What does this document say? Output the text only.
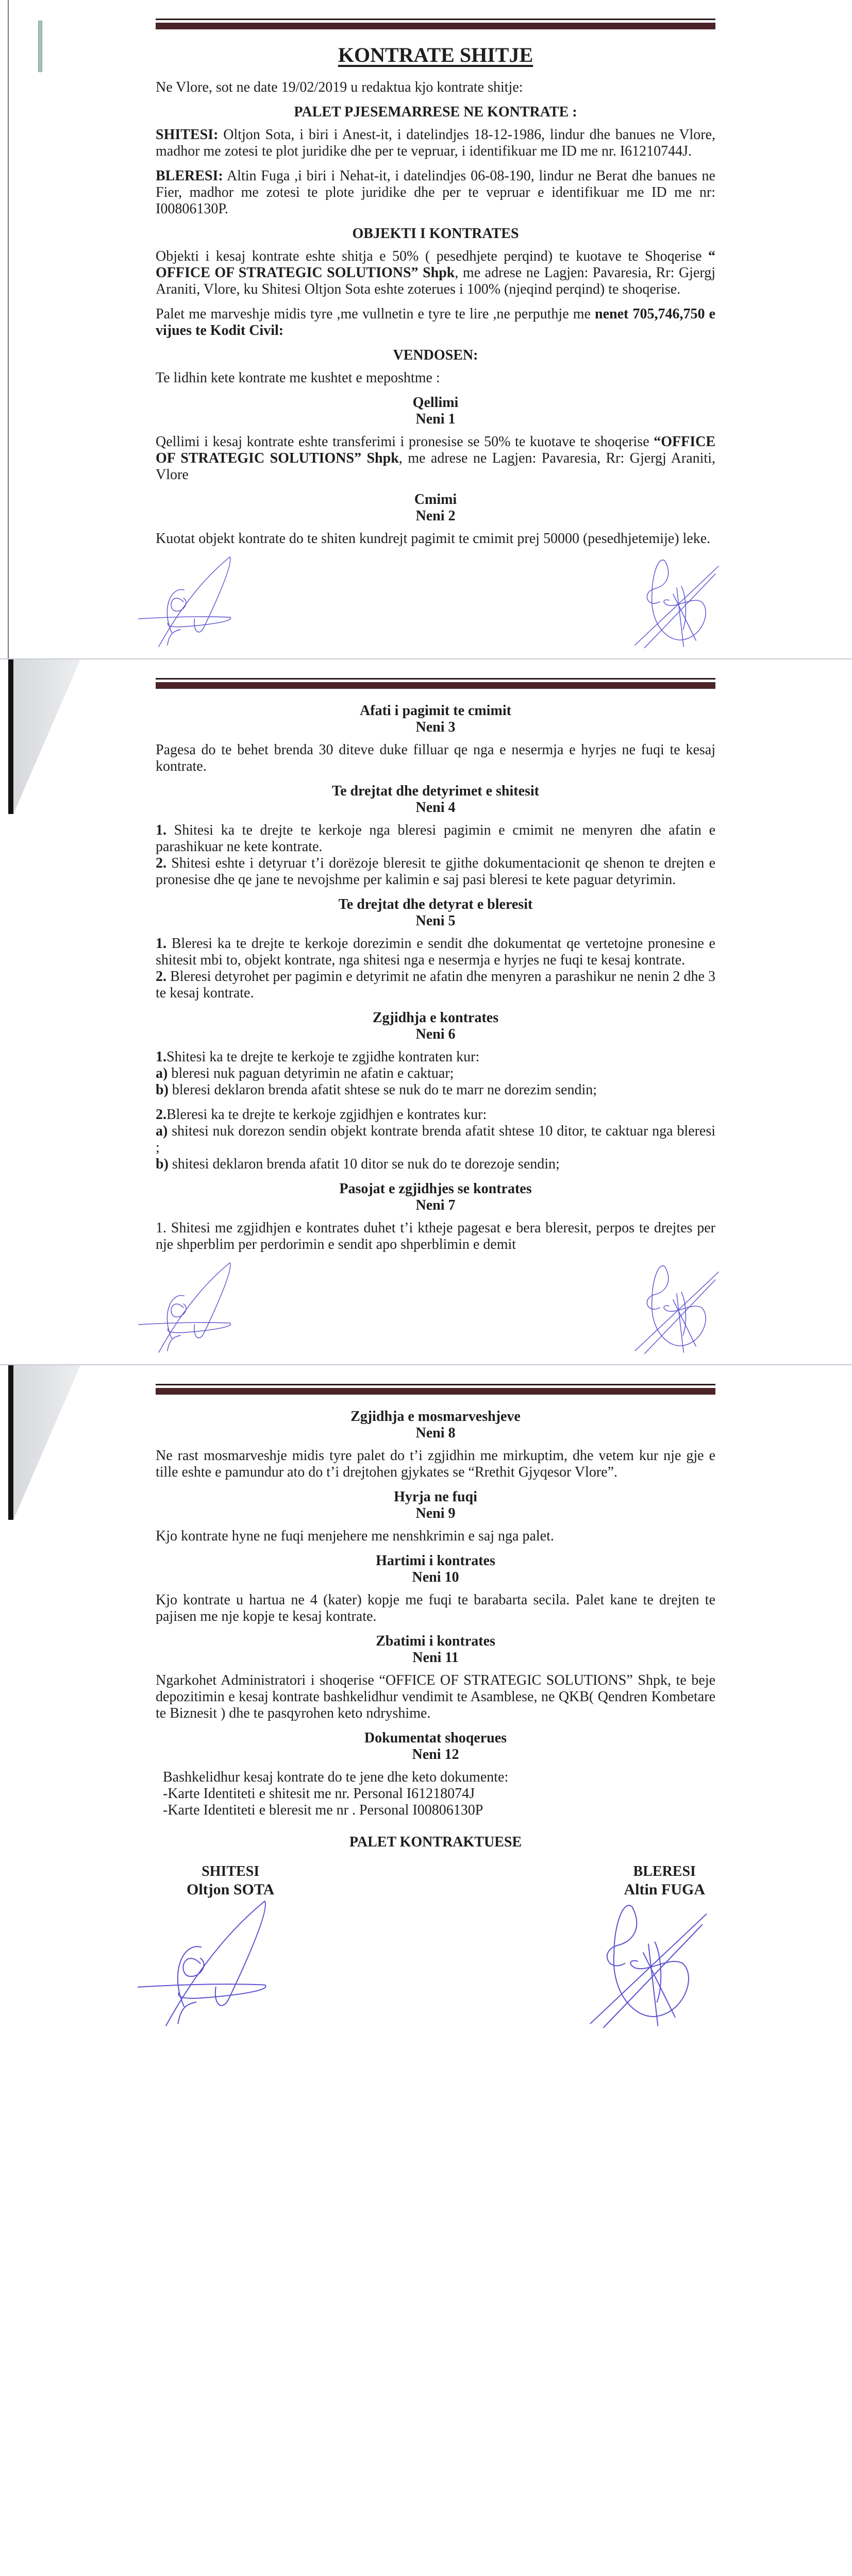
KONTRATE SHITJE
Ne Vlore, sot ne date 19/02/2019 u redaktua kjo kontrate shitje:
PALET PJESEMARRESE NE KONTRATE :
SHITESI: Oltjon Sota, i biri i Anest-it, i datelindjes 18-12-1986, lindur dhe banues ne Vlore, madhor me zotesi te plot juridike dhe per te vepruar, i identifikuar me ID me nr. I61210744J.
BLERESI: Altin Fuga ,i biri i Nehat-it, i datelindjes 06-08-190, lindur ne Berat dhe banues ne Fier, madhor me zotesi te plote juridike dhe per te vepruar e identifikuar me ID me nr: I00806130P.
OBJEKTI I KONTRATES
Objekti i kesaj kontrate eshte shitja e 50% ( pesedhjete perqind) te kuotave te Shoqerise “ OFFICE OF STRATEGIC SOLUTIONS” Shpk, me adrese ne Lagjen: Pavaresia, Rr: Gjergj Araniti, Vlore, ku Shitesi Oltjon Sota eshte zoterues i 100% (njeqind perqind) te shoqerise.
Palet me marveshje midis tyre ,me vullnetin e tyre te lire ,ne perputhje me nenet 705,746,750 e vijues te Kodit Civil:
VENDOSEN:
Te lidhin kete kontrate me kushtet e meposhtme :
Qellimi
Neni 1
Qellimi i kesaj kontrate eshte transferimi i pronesise se 50% te kuotave te shoqerise “OFFICE OF STRATEGIC SOLUTIONS” Shpk, me adrese ne Lagjen: Pavaresia, Rr: Gjergj Araniti, Vlore
Cmimi
Neni 2
Kuotat objekt kontrate do te shiten kundrejt pagimit te cmimit prej 50000 (pesedhjetemije) leke.
Afati i pagimit te cmimit
Neni 3
Pagesa do te behet brenda 30 diteve duke filluar qe nga e nesermja e hyrjes ne fuqi te kesaj kontrate.
Te drejtat dhe detyrimet e shitesit
Neni 4
1. Shitesi ka te drejte te kerkoje nga bleresi pagimin e cmimit ne menyren dhe afatin e parashikuar ne kete kontrate.
2. Shitesi eshte i detyruar t’i dorëzoje bleresit te gjithe dokumentacionit qe shenon te drejten e pronesise dhe qe jane te nevojshme per kalimin e saj pasi bleresi te kete paguar detyrimin.
Te drejtat dhe detyrat e bleresit
Neni 5
1. Bleresi ka te drejte te kerkoje dorezimin e sendit dhe dokumentat qe vertetojne pronesine e shitesit mbi to, objekt kontrate, nga shitesi nga e nesermja e hyrjes ne fuqi te kesaj kontrate.
2. Bleresi detyrohet per pagimin e detyrimit ne afatin dhe menyren a parashikur ne nenin 2 dhe 3 te kesaj kontrate.
Zgjidhja e kontrates
Neni 6
1.Shitesi ka te drejte te kerkoje te zgjidhe kontraten kur:
a) bleresi nuk paguan detyrimin ne afatin e caktuar;
b) bleresi deklaron brenda afatit shtese se nuk do te marr ne dorezim sendin;
2.Bleresi ka te drejte te kerkoje zgjidhjen e kontrates kur:
a) shitesi nuk dorezon sendin objekt kontrate brenda afatit shtese 10 ditor, te caktuar nga bleresi ;
b) shitesi deklaron brenda afatit 10 ditor se nuk do te dorezoje sendin;
Pasojat e zgjidhjes se kontrates
Neni 7
1. Shitesi me zgjidhjen e kontrates duhet t’i ktheje pagesat e bera bleresit, perpos te drejtes per nje shperblim per perdorimin e sendit apo shperblimin e demit
Zgjidhja e mosmarveshjeve
Neni 8
Ne rast mosmarveshje midis tyre palet do t’i zgjidhin me mirkuptim, dhe vetem kur nje gje e tille eshte e pamundur ato do t’i drejtohen gjykates se “Rrethit Gjyqesor Vlore”.
Hyrja ne fuqi
Neni 9
Kjo kontrate hyne ne fuqi menjehere me nenshkrimin e saj nga palet.
Hartimi i kontrates
Neni 10
Kjo kontrate u hartua ne 4 (kater) kopje me fuqi te barabarta secila. Palet kane te drejten te pajisen me nje kopje te kesaj kontrate.
Zbatimi i kontrates
Neni 11
Ngarkohet Administratori i shoqerise “OFFICE OF STRATEGIC SOLUTIONS” Shpk, te beje depozitimin e kesaj kontrate bashkelidhur vendimit te Asamblese, ne QKB( Qendren Kombetare te Biznesit ) dhe te pasqyrohen keto ndryshime.
Dokumentat shoqerues
Neni 12
Bashkelidhur kesaj kontrate do te jene dhe keto dokumente:
-Karte Identiteti e shitesit me nr. Personal I61218074J
-Karte Identiteti e bleresit me nr . Personal I00806130P
PALET KONTRAKTUESE
SHITESI
Oltjon SOTA
BLERESI
Altin FUGA
